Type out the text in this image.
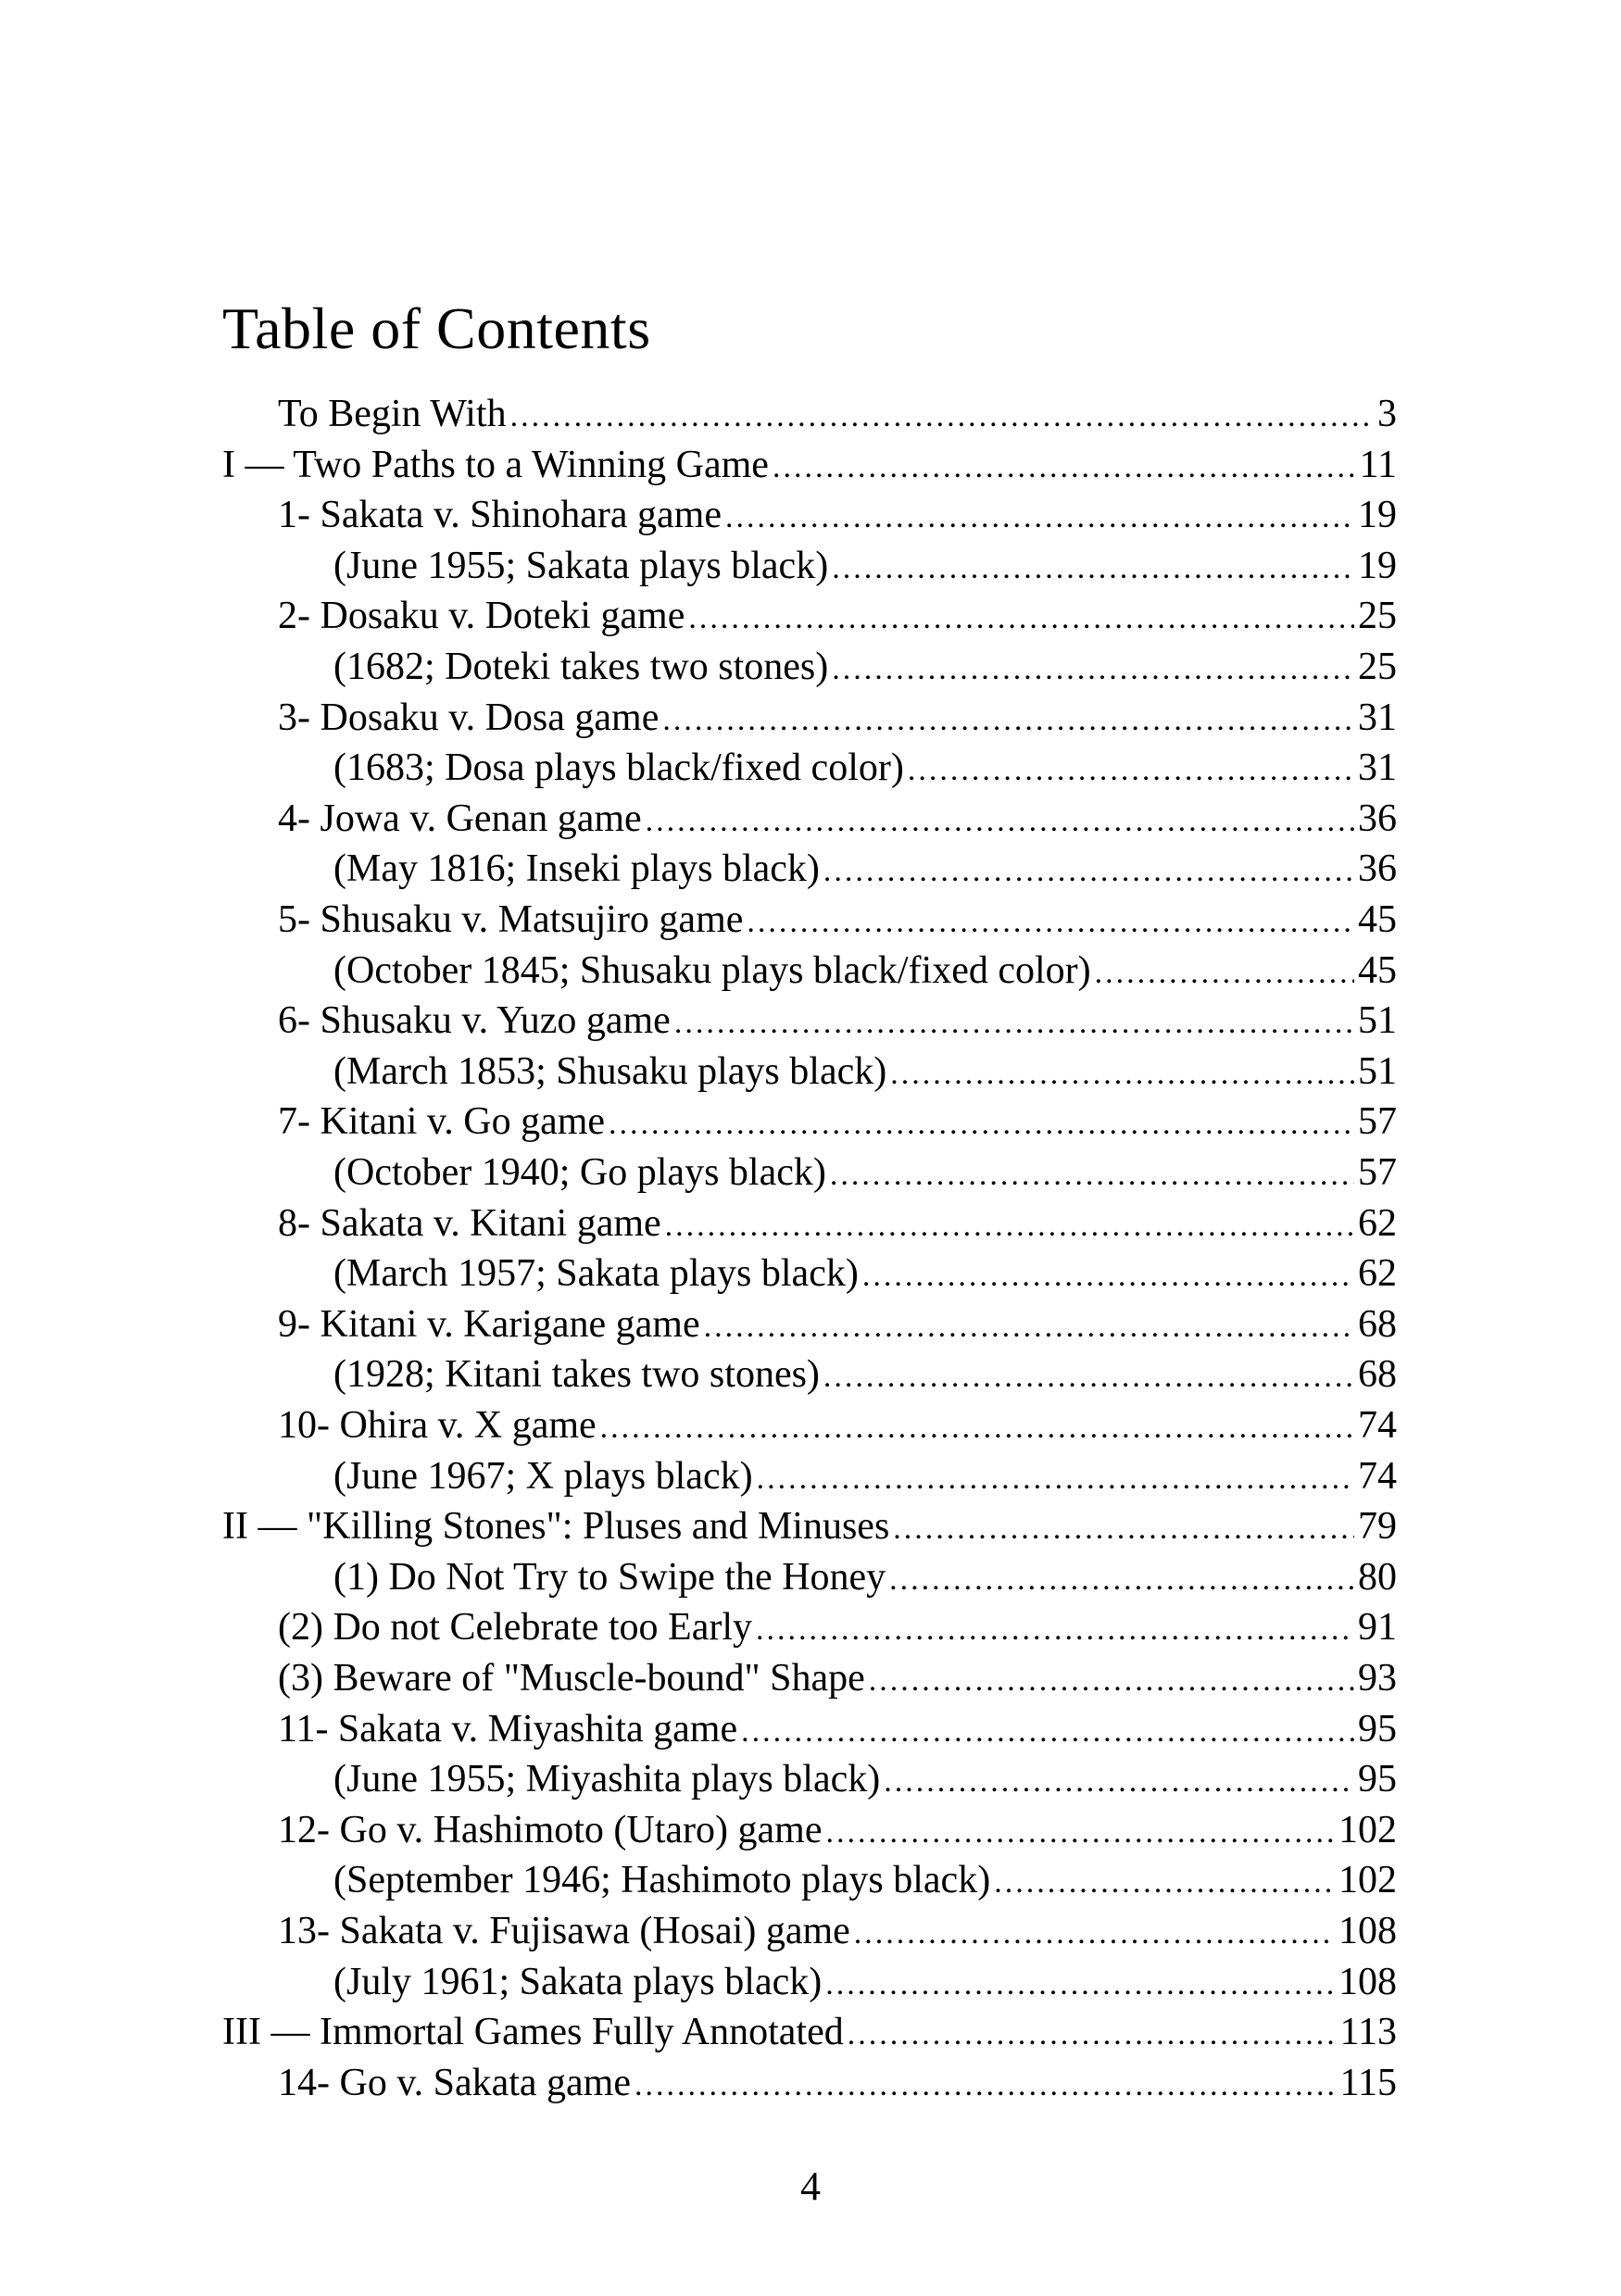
Table of Contents
To Begin With .....	3
I — Two Paths to a Winning Game .....	11
1- Sakata v. Shinohara game .....	19
(June 1955; Sakata plays black) .....	19
2- Dosaku v. Doteki game .....	25
(1682; Doteki takes two stones) .....	25
3- Dosaku v. Dosa game .....	31
(1683; Dosa plays black/fixed color) .....	31
4- Jowa v. Genan game .....	36
(May 1816; Inseki plays black) .....	36
5- Shusaku v. Matsujiro game .....	45
(October 1845; Shusaku plays black/fixed color) .....	45
6- Shusaku v. Yuzo game .....	51
(March 1853; Shusaku plays black) .....	51
7- Kitani v. Go game .....	57
(October 1940; Go plays black) .....	57
8- Sakata v. Kitani game .....	62
(March 1957; Sakata plays black) .....	62
9- Kitani v. Karigane game .....	68
(1928; Kitani takes two stones) .....	68
10- Ohira v. X game .....	74
(June 1967; X plays black) .....	74
II — "Killing Stones": Pluses and Minuses .....	79
(1) Do Not Try to Swipe the Honey .....	80
(2) Do not Celebrate too Early .....	91
(3) Beware of "Muscle-bound" Shape .....	93
11- Sakata v. Miyashita game .....	95
(June 1955; Miyashita plays black) .....	95
12- Go v. Hashimoto (Utaro) game .....	102
(September 1946; Hashimoto plays black) .....	102
13- Sakata v. Fujisawa (Hosai) game .....	108
(July 1961; Sakata plays black) .....	108
III — Immortal Games Fully Annotated .....	113
14- Go v. Sakata game .....	115
4
